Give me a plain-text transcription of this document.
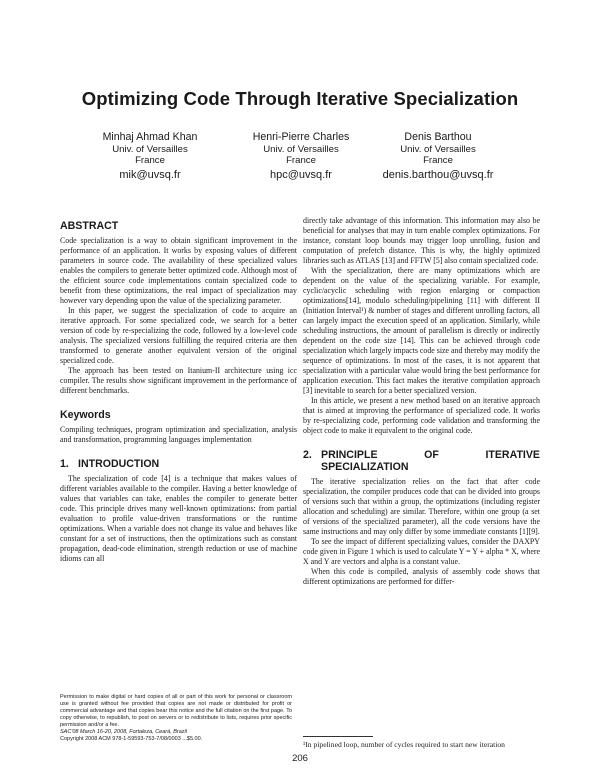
Optimizing Code Through Iterative Specialization
Minhaj Ahmad Khan
Univ. of Versailles
France
mik@uvsq.fr
Henri-Pierre Charles
Univ. of Versailles
France
hpc@uvsq.fr
Denis Barthou
Univ. of Versailles
France
denis.barthou@uvsq.fr
ABSTRACT

Code specialization is a way to obtain significant improvement in the performance of an application. It works by exposing values of different parameters in source code. The availability of these specialized values enables the compilers to generate better optimized code. Although most of the efficient source code implementations contain specialized code to benefit from these optimizations, the real impact of specialization may however vary depending upon the value of the specializing parameter.

In this paper, we suggest the specialization of code to acquire an iterative approach. For some specialized code, we search for a better version of code by re-specializing the code, followed by a low-level code analysis. The specialized versions fulfilling the required criteria are then transformed to generate another equivalent version of the original specialized code.

The approach has been tested on Itanium-II architecture using icc compiler. The results show significant improvement in the performance of different benchmarks.

Keywords

Compiling techniques, program optimization and specialization, analysis and transformation, programming languages implementation

1. INTRODUCTION

The specialization of code [4] is a technique that makes values of different variables available to the compiler. Having a better knowledge of values that variables can take, enables the compiler to generate better code. This principle drives many well-known optimizations: from partial evaluation to profile value-driven transformations or the runtime optimizations. When a variable does not change its value and behaves like constant for a set of instructions, then the optimizations such as constant propagation, dead-code elimination, strength reduction or use of machine idioms can all

Permission to make digital or hard copies of all or part of this work for personal or classroom use is granted without fee provided that copies are not made or distributed for profit or commercial advantage and that copies bear this notice and the full citation on the first page. To copy otherwise, to republish, to post on servers or to redistribute to lists, requires prior specific permission and/or a fee.
SAC'08 March 16-20, 2008, Fortaleza, Ceará, Brazil
Copyright 2008 ACM 978-1-59593-753-7/08/0003 ...$5.00.

directly take advantage of this information. This information may also be beneficial for analyses that may in turn enable complex optimizations. For instance, constant loop bounds may trigger loop unrolling, fusion and computation of prefetch distance. This is why, the highly optimized libraries such as ATLAS [13] and FFTW [5] also contain specialized code.

With the specialization, there are many optimizations which are dependent on the value of the specializing variable. For example, cyclic/acyclic scheduling with region enlarging or compaction optimizations[14], modulo scheduling/pipelining [11] with different II (Initiation Interval¹) & number of stages and different unrolling factors, all can largely impact the execution speed of an application. Similarly, while scheduling instructions, the amount of parallelism is directly or indirectly dependent on the code size [14]. This can be achieved through code specialization which largely impacts code size and thereby may modify the sequence of optimizations. In most of the cases, it is not apparent that specialization with a particular value would bring the best performance for application execution. This fact makes the iterative compilation approach [3] inevitable to search for a better specialized version.

In this article, we present a new method based on an iterative approach that is aimed at improving the performance of specialized code. It works by re-specializing code, performing code validation and transforming the object code to make it equivalent to the original code.

2. PRINCIPLE OF ITERATIVE SPECIALIZATION

The iterative specialization relies on the fact that after code specialization, the compiler produces code that can be divided into groups of versions such that within a group, the optimizations (including register allocation and scheduling) are similar. Therefore, within one group (a set of versions of the specialized parameter), all the code versions have the same instructions and may only differ by some immediate constants [1][9].

To see the impact of different specializing values, consider the DAXPY code given in Figure 1 which is used to calculate Y = Y + alpha * X, where X and Y are vectors and alpha is a constant value.

When this code is compiled, analysis of assembly code shows that different optimizations are performed for differ-

¹In pipelined loop, number of cycles required to start new iteration
206
